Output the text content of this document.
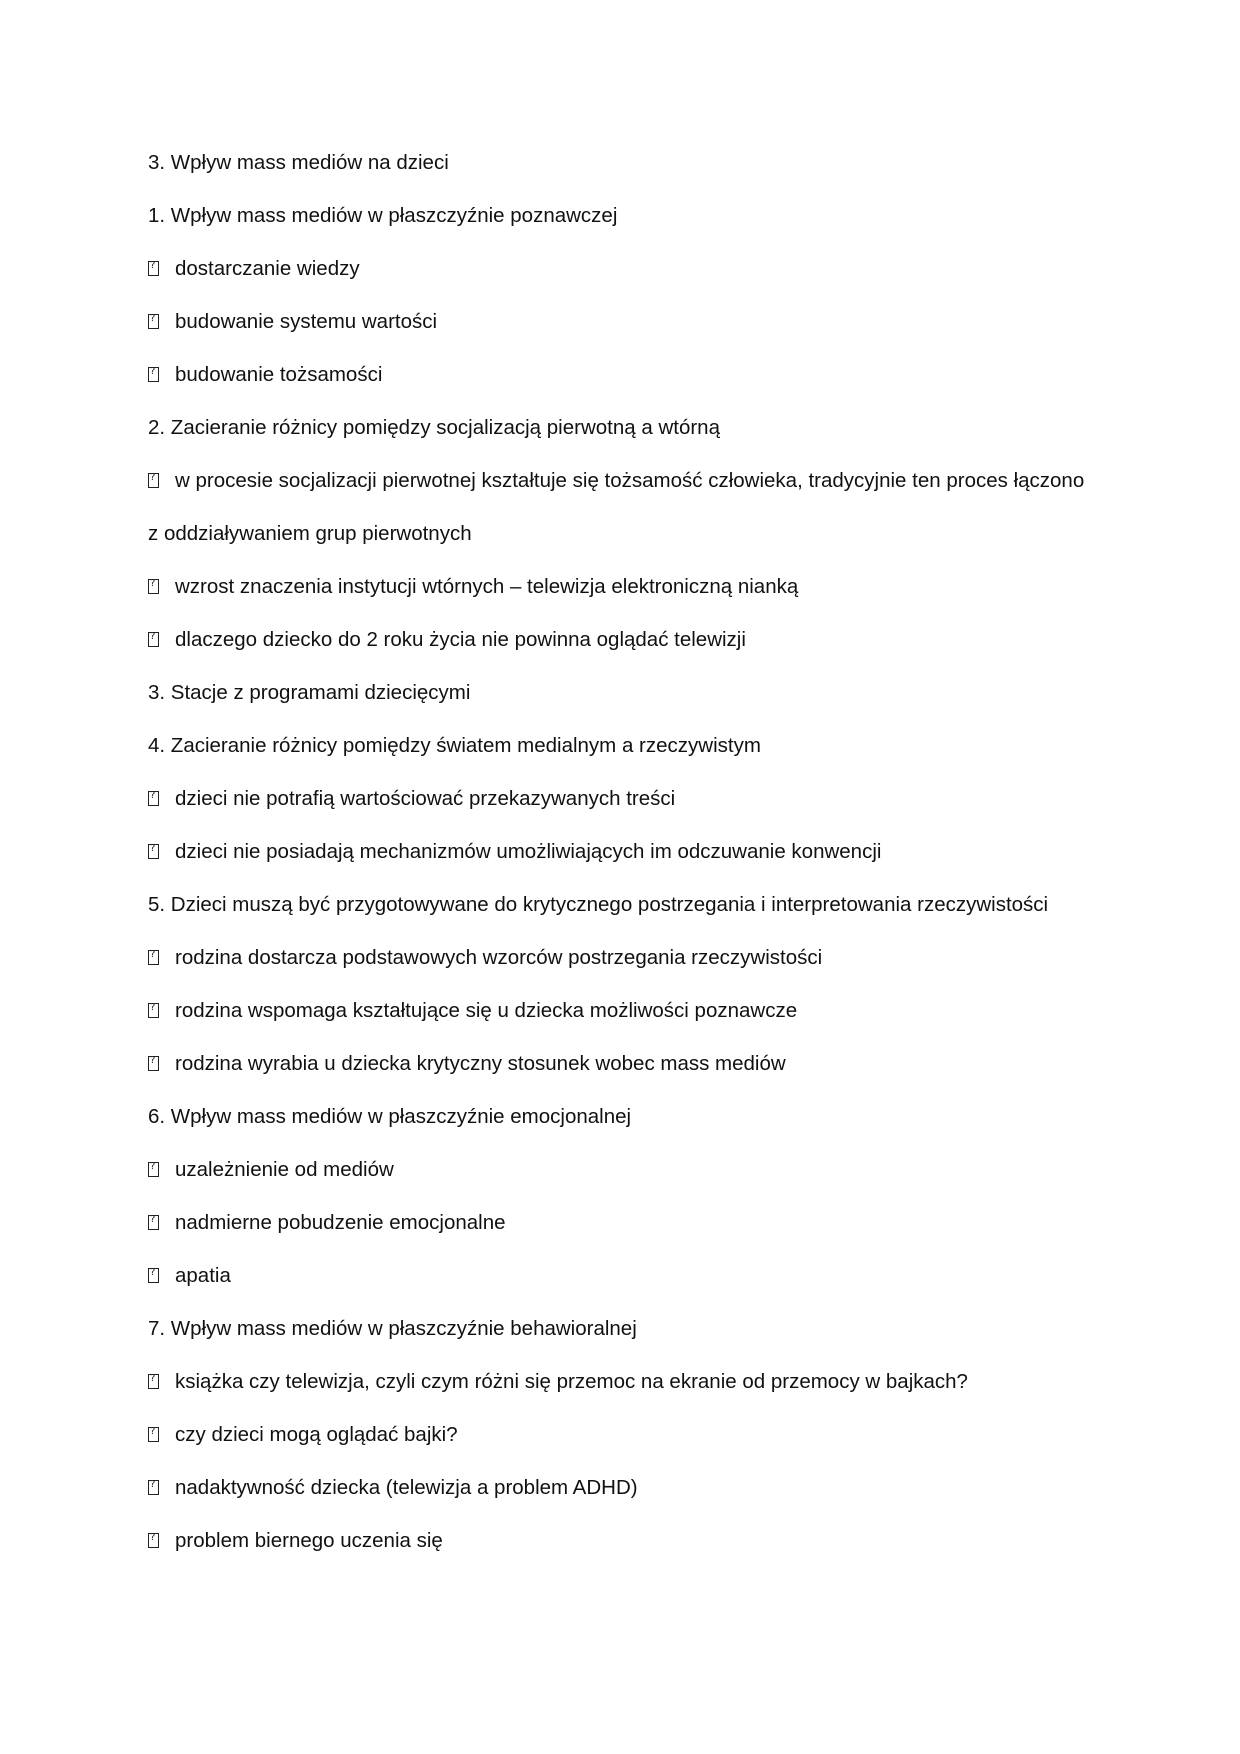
3. Wpływ mass mediów na dzieci
1. Wpływ mass mediów w płaszczyźnie poznawczej
?dostarczanie wiedzy
?budowanie systemu wartości
?budowanie tożsamości
2. Zacieranie różnicy pomiędzy socjalizacją pierwotną a wtórną
?w procesie socjalizacji pierwotnej kształtuje się tożsamość człowieka, tradycyjnie ten proces łączono
z oddziaływaniem grup pierwotnych
?wzrost znaczenia instytucji wtórnych – telewizja elektroniczną nianką
?dlaczego dziecko do 2 roku życia nie powinna oglądać telewizji
3. Stacje z programami dziecięcymi
4. Zacieranie różnicy pomiędzy światem medialnym a rzeczywistym
?dzieci nie potrafią wartościować przekazywanych treści
?dzieci nie posiadają mechanizmów umożliwiających im odczuwanie konwencji
5. Dzieci muszą być przygotowywane do krytycznego postrzegania i interpretowania rzeczywistości
?rodzina dostarcza podstawowych wzorców postrzegania rzeczywistości
?rodzina wspomaga kształtujące się u dziecka możliwości poznawcze
?rodzina wyrabia u dziecka krytyczny stosunek wobec mass mediów
6. Wpływ mass mediów w płaszczyźnie emocjonalnej
?uzależnienie od mediów
?nadmierne pobudzenie emocjonalne
?apatia
7. Wpływ mass mediów w płaszczyźnie behawioralnej
?książka czy telewizja, czyli czym różni się przemoc na ekranie od przemocy w bajkach?
?czy dzieci mogą oglądać bajki?
?nadaktywność dziecka (telewizja a problem ADHD)
?problem biernego uczenia się
